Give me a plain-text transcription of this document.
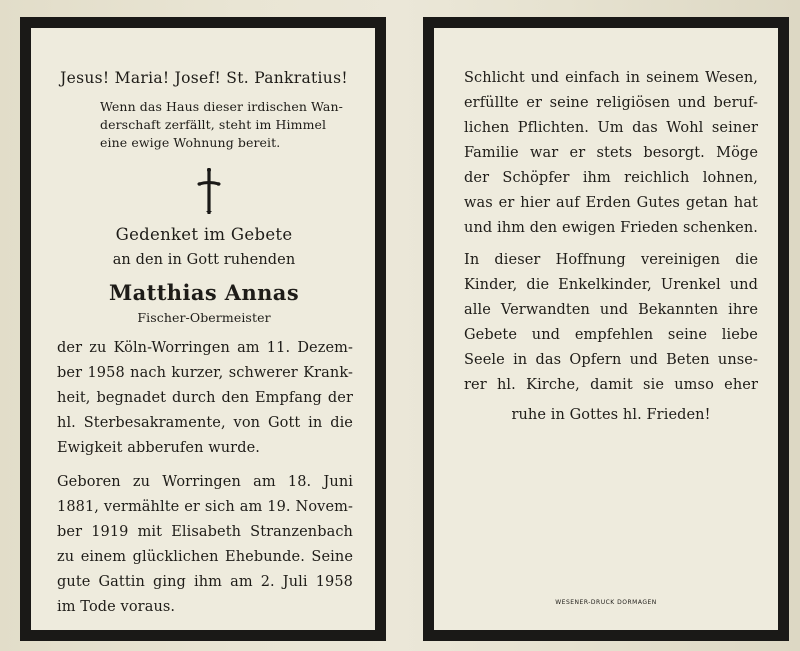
Jesus! Maria! Josef! St. Pankratius!
Wenn das Haus dieser irdischen Wan-
derschaft zerfällt, steht im Himmel
eine ewige Wohnung bereit.
Gedenket im Gebete
an den in Gott ruhenden
Matthias Annas
Fischer-Obermeister
der zu Köln-Worringen am 11. Dezem-
ber 1958 nach kurzer, schwerer Krank-
heit, begnadet durch den Empfang der
hl. Sterbesakramente, von Gott in die
Ewigkeit abberufen wurde.
Geboren zu Worringen am 18. Juni
1881, vermählte er sich am 19. Novem-
ber 1919 mit Elisabeth Stranzenbach
zu einem glücklichen Ehebunde. Seine
gute Gattin ging ihm am 2. Juli 1958
im Tode voraus.
Schlicht und einfach in seinem Wesen,
erfüllte er seine religiösen und beruf-
lichen Pflichten. Um das Wohl seiner
Familie war er stets besorgt. Möge
der Schöpfer ihm reichlich lohnen,
was er hier auf Erden Gutes getan hat
und ihm den ewigen Frieden schenken.
In dieser Hoffnung vereinigen die
Kinder, die Enkelkinder, Urenkel und
alle Verwandten und Bekannten ihre
Gebete und empfehlen seine liebe
Seele in das Opfern und Beten unse-
rer hl. Kirche, damit sie umso eher
ruhe in Gottes hl. Frieden!
WESENER-DRUCK DORMAGEN
